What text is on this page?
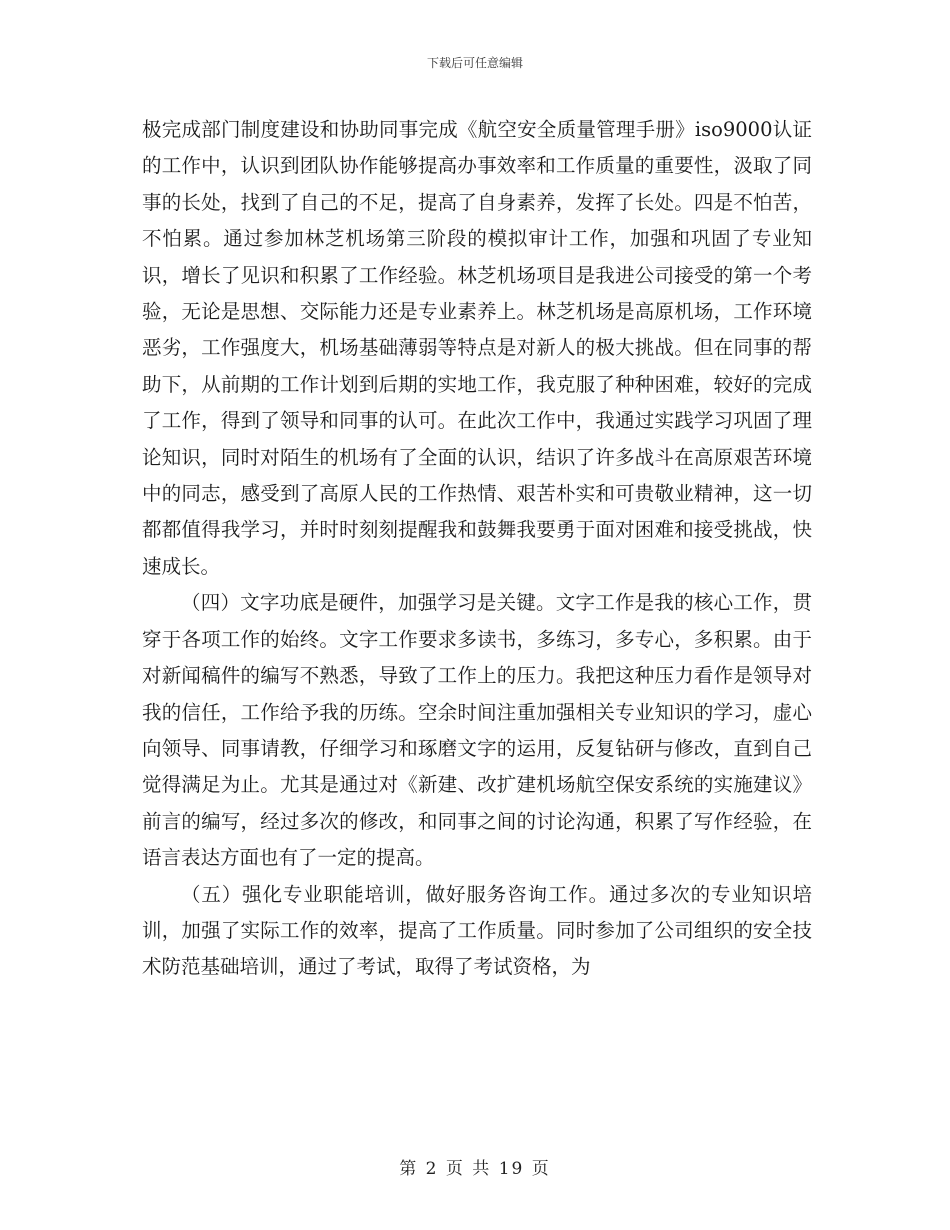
下载后可任意编辑

极完成部门制度建设和协助同事完成《航空安全质量管理手册》iso9000认证的工作中，认识到团队协作能够提高办事效率和工作质量的重要性，汲取了同事的长处，找到了自己的不足，提高了自身素养，发挥了长处。四是不怕苦，不怕累。通过参加林芝机场第三阶段的模拟审计工作，加强和巩固了专业知识，增长了见识和积累了工作经验。林芝机场项目是我进公司接受的第一个考验，无论是思想、交际能力还是专业素养上。林芝机场是高原机场，工作环境恶劣，工作强度大，机场基础薄弱等特点是对新人的极大挑战。但在同事的帮助下，从前期的工作计划到后期的实地工作，我克服了种种困难，较好的完成了工作，得到了领导和同事的认可。在此次工作中，我通过实践学习巩固了理论知识，同时对陌生的机场有了全面的认识，结识了许多战斗在高原艰苦环境中的同志，感受到了高原人民的工作热情、艰苦朴实和可贵敬业精神，这一切都都值得我学习，并时时刻刻提醒我和鼓舞我要勇于面对困难和接受挑战，快速成长。

（四）文字功底是硬件，加强学习是关键。文字工作是我的核心工作，贯穿于各项工作的始终。文字工作要求多读书，多练习，多专心，多积累。由于对新闻稿件的编写不熟悉，导致了工作上的压力。我把这种压力看作是领导对我的信任，工作给予我的历练。空余时间注重加强相关专业知识的学习，虚心向领导、同事请教，仔细学习和琢磨文字的运用，反复钻研与修改，直到自己觉得满足为止。尤其是通过对《新建、改扩建机场航空保安系统的实施建议》前言的编写，经过多次的修改，和同事之间的讨论沟通，积累了写作经验，在语言表达方面也有了一定的提高。

（五）强化专业职能培训，做好服务咨询工作。通过多次的专业知识培训，加强了实际工作的效率，提高了工作质量。同时参加了公司组织的安全技术防范基础培训，通过了考试，取得了考试资格，为

第 2 页 共 19 页
